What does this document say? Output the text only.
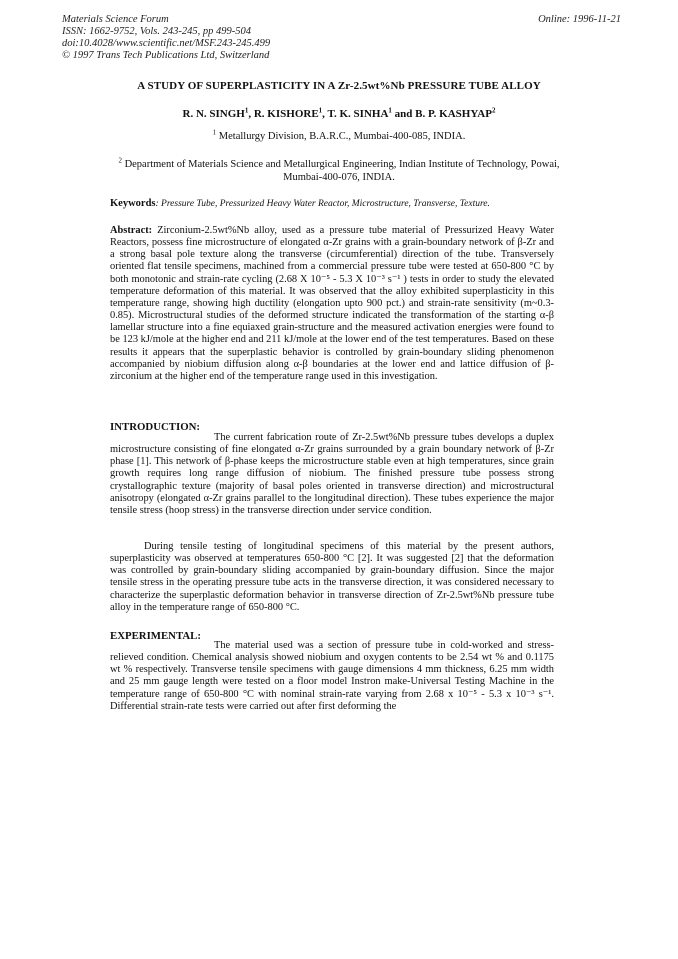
Materials Science Forum
ISSN: 1662-9752, Vols. 243-245, pp 499-504
doi:10.4028/www.scientific.net/MSF.243-245.499
© 1997 Trans Tech Publications Ltd, Switzerland
Online: 1996-11-21
A STUDY OF SUPERPLASTICITY IN A Zr-2.5wt%Nb PRESSURE TUBE ALLOY
R. N. SINGH$^1$, R. KISHORE$^1$, T. K. SINHA$^1$ and B. P. KASHYAP$^2$
$^1$ Metallurgy Division, B.A.R.C., Mumbai-400-085, INDIA.
$^2$ Department of Materials Science and Metallurgical Engineering, Indian Institute of Technology, Powai, Mumbai-400-076, INDIA.
Keywords: Pressure Tube, Pressurized Heavy Water Reactor, Microstructure, Transverse, Texture.
Abstract: Zirconium-2.5wt%Nb alloy, used as a pressure tube material of Pressurized Heavy Water Reactors, possess fine microstructure of elongated α-Zr grains with a grain-boundary network of β-Zr and a strong basal pole texture along the transverse (circumferential) direction of the tube. Transversely oriented flat tensile specimens, machined from a commercial pressure tube were tested at 650-800 °C by both monotonic and strain-rate cycling (2.68 X 10⁻⁵ - 5.3 X 10⁻³ s⁻¹ ) tests in order to study the elevated temperature deformation of this material. It was observed that the alloy exhibited superplasticity in this temperature range, showing high ductility (elongation upto 900 pct.) and strain-rate sensitivity (m~0.3-0.85). Microstructural studies of the deformed structure indicated the transformation of the starting α-β lamellar structure into a fine equiaxed grain-structure and the measured activation energies were found to be 123 kJ/mole at the higher end and 211 kJ/mole at the lower end of the test temperatures. Based on these results it appears that the superplastic behavior is controlled by grain-boundary sliding phenomenon accompanied by niobium diffusion along α-β boundaries at the lower end and lattice diffusion of β-zirconium at the higher end of the temperature range used in this investigation.
INTRODUCTION:
The current fabrication route of Zr-2.5wt%Nb pressure tubes develops a duplex microstructure consisting of fine elongated α-Zr grains surrounded by a grain boundary network of β-Zr phase [1]. This network of β-phase keeps the microstructure stable even at high temperatures, since grain growth requires long range diffusion of niobium. The finished pressure tube possess strong crystallographic texture (majority of basal poles oriented in transverse direction) and microstructural anisotropy (elongated α-Zr grains parallel to the longitudinal direction). These tubes experience the major tensile stress (hoop stress) in the transverse direction under service condition.
During tensile testing of longitudinal specimens of this material by the present authors, superplasticity was observed at temperatures 650-800 °C [2]. It was suggested [2] that the deformation was controlled by grain-boundary sliding accompanied by grain-boundary diffusion. Since the major tensile stress in the operating pressure tube acts in the transverse direction, it was considered necessary to characterize the superplastic deformation behavior in transverse direction of Zr-2.5wt%Nb pressure tube alloy in the temperature range of 650-800 °C.
EXPERIMENTAL:
The material used was a section of pressure tube in cold-worked and stress-relieved condition. Chemical analysis showed niobium and oxygen contents to be 2.54 wt % and 0.1175 wt % respectively. Transverse tensile specimens with gauge dimensions 4 mm thickness, 6.25 mm width and 25 mm gauge length were tested on a floor model Instron make-Universal Testing Machine in the temperature range of 650-800 °C with nominal strain-rate varying from 2.68 x 10⁻⁵ - 5.3 x 10⁻³ s⁻¹. Differential strain-rate tests were carried out after first deforming the
